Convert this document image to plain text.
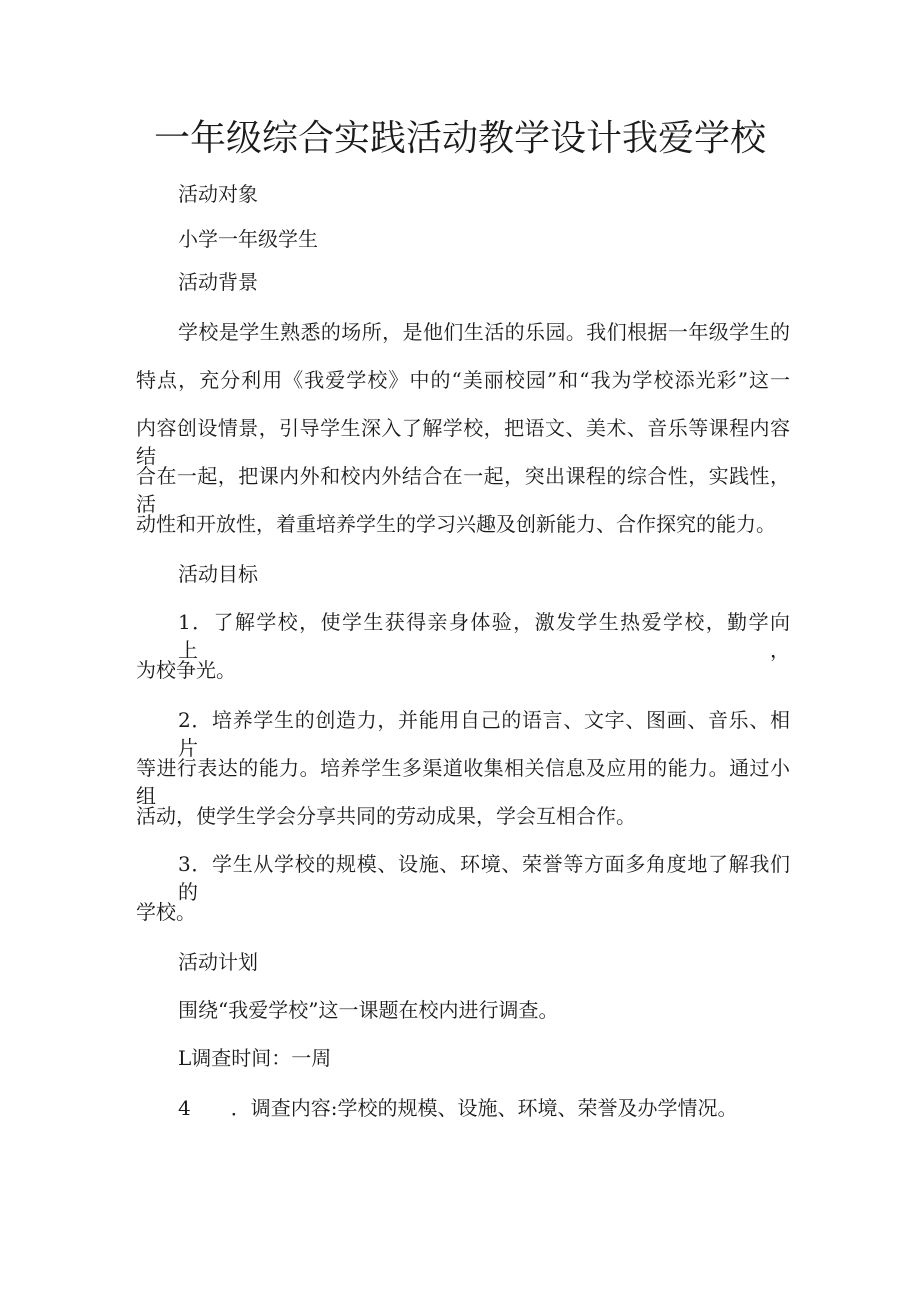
一年级综合实践活动教学设计我爱学校

活动对象

小学一年级学生

活动背景

学校是学生熟悉的场所，是他们生活的乐园。我们根据一年级学生的

特点，充分利用《我爱学校》中的“美丽校园”和“我为学校添光彩”这一

内容创设情景，引导学生深入了解学校，把语文、美术、音乐等课程内容结

合在一起，把课内外和校内外结合在一起，突出课程的综合性，实践性，活

动性和开放性，着重培养学生的学习兴趣及创新能力、合作探究的能力。

活动目标

1．了解学校，使学生获得亲身体验，激发学生热爱学校，勤学向上，

为校争光。

2．培养学生的创造力，并能用自己的语言、文字、图画、音乐、相片

等进行表达的能力。培养学生多渠道收集相关信息及应用的能力。通过小组

活动，使学生学会分享共同的劳动成果，学会互相合作。

3．学生从学校的规模、设施、环境、荣誉等方面多角度地了解我们的

学校。

活动计划

围绕“我爱学校”这一课题在校内进行调查。

L调查时间：一周

4　　．调查内容:学校的规模、设施、环境、荣誉及办学情况。
